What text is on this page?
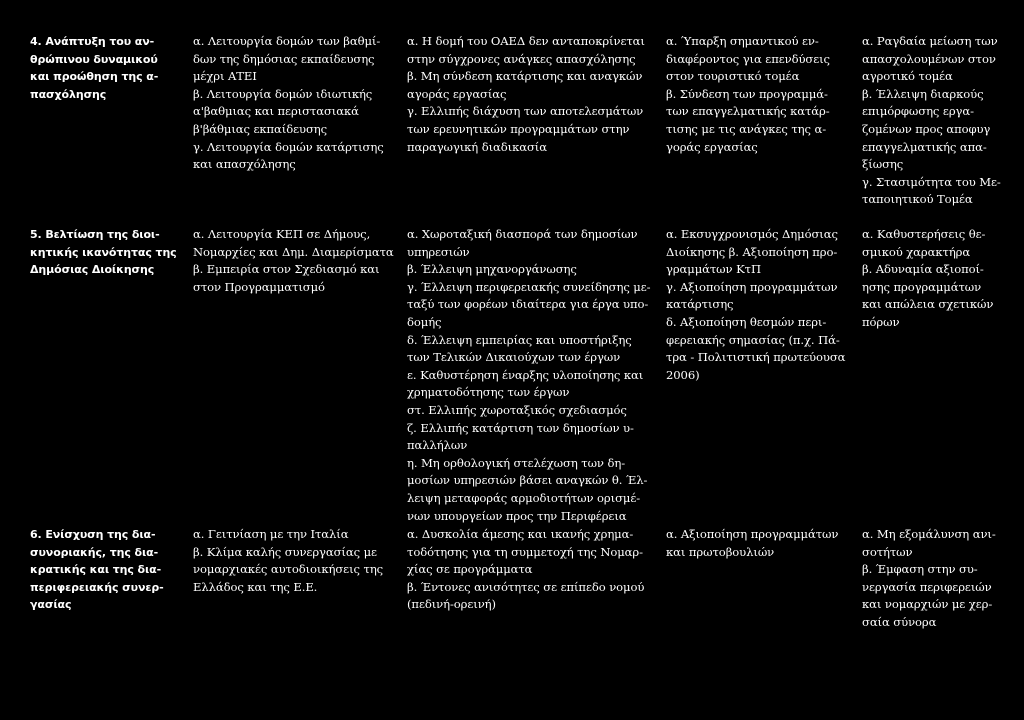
4. Ανάπτυξη του αν-
θρώπινου δυναμικού
και προώθηση της α-
πασχόλησης
α. Λειτουργία δομών των βαθμί-
δων της δημόσιας εκπαίδευσης
μέχρι ΑΤΕΙ
β. Λειτουργία δομών ιδιωτικής
α'βαθμιας και περιστασιακά
β'βάθμιας εκπαίδευσης
γ. Λειτουργία δομών κατάρτισης
και απασχόλησης
α. Η δομή του ΟΑΕΔ δεν ανταποκρίνεται
στην σύγχρονες ανάγκες απασχόλησης
β. Μη σύνδεση κατάρτισης και αναγκών
αγοράς εργασίας
γ. Ελλιπής διάχυση των αποτελεσμάτων
των ερευνητικών προγραμμάτων στην
παραγωγική διαδικασία
α. Ύπαρξη σημαντικού εν-
διαφέροντος για επενδύσεις
στον τουριστικό τομέα
β. Σύνδεση των προγραμμά-
των επαγγελματικής κατάρ-
τισης με τις ανάγκες της α-
γοράς εργασίας
α. Ραγδαία μείωση των
απασχολουμένων στον
αγροτικό τομέα
β. Έλλειψη διαρκούς
επιμόρφωσης εργα-
ζομένων προς αποφυγ
επαγγελματικής απα-
ξίωσης
γ. Στασιμότητα του Με-
ταποιητικού Τομέα
5. Βελτίωση της διοι-
κητικής ικανότητας της
Δημόσιας Διοίκησης
α. Λειτουργία ΚΕΠ σε Δήμους,
Νομαρχίες και Δημ. Διαμερίσματα
β. Εμπειρία στον Σχεδιασμό και
στον Προγραμματισμό
α. Χωροταξική διασπορά των δημοσίων
υπηρεσιών
β. Έλλειψη μηχανοργάνωσης
γ. Έλλειψη περιφερειακής συνείδησης με-
ταξύ των φορέων ιδιαίτερα για έργα υπο-
δομής
δ. Έλλειψη εμπειρίας και υποστήριξης
των Τελικών Δικαιούχων των έργων
ε. Καθυστέρηση έναρξης υλοποίησης και
χρηματοδότησης των έργων
στ. Ελλιπής χωροταξικός σχεδιασμός
ζ. Ελλιπής κατάρτιση των δημοσίων υ-
παλλήλων
η. Μη ορθολογική στελέχωση των δη-
μοσίων υπηρεσιών βάσει αναγκών θ. Έλ-
λειψη μεταφοράς αρμοδιοτήτων ορισμέ-
νων υπουργείων προς την Περιφέρεια
α. Εκσυγχρονισμός Δημόσιας
Διοίκησης β. Αξιοποίηση προ-
γραμμάτων ΚτΠ
γ. Αξιοποίηση προγραμμάτων
κατάρτισης
δ. Αξιοποίηση θεσμών περι-
φερειακής σημασίας (π.χ. Πά-
τρα - Πολιτιστική πρωτεύουσα
2006)
α. Καθυστερήσεις θε-
σμικού χαρακτήρα
β. Αδυναμία αξιοποί-
ησης προγραμμάτων
και απώλεια σχετικών
πόρων
6. Ενίσχυση της δια-
συνοριακής, της δια-
κρατικής και της δια-
περιφερειακής συνερ-
γασίας
α. Γειτνίαση με την Ιταλία
β. Κλίμα καλής συνεργασίας με
νομαρχιακές αυτοδιοικήσεις της
Ελλάδος και της Ε.Ε.
α. Δυσκολία άμεσης και ικανής χρημα-
τοδότησης για τη συμμετοχή της Νομαρ-
χίας σε προγράμματα
β. Έντονες ανισότητες σε επίπεδο νομού
(πεδινή-ορεινή)
α. Αξιοποίηση προγραμμάτων
και πρωτοβουλιών
α. Μη εξομάλυνση ανι-
σοτήτων
β. Έμφαση στην συ-
νεργασία περιφερειών
και νομαρχιών με χερ-
σαία σύνορα
